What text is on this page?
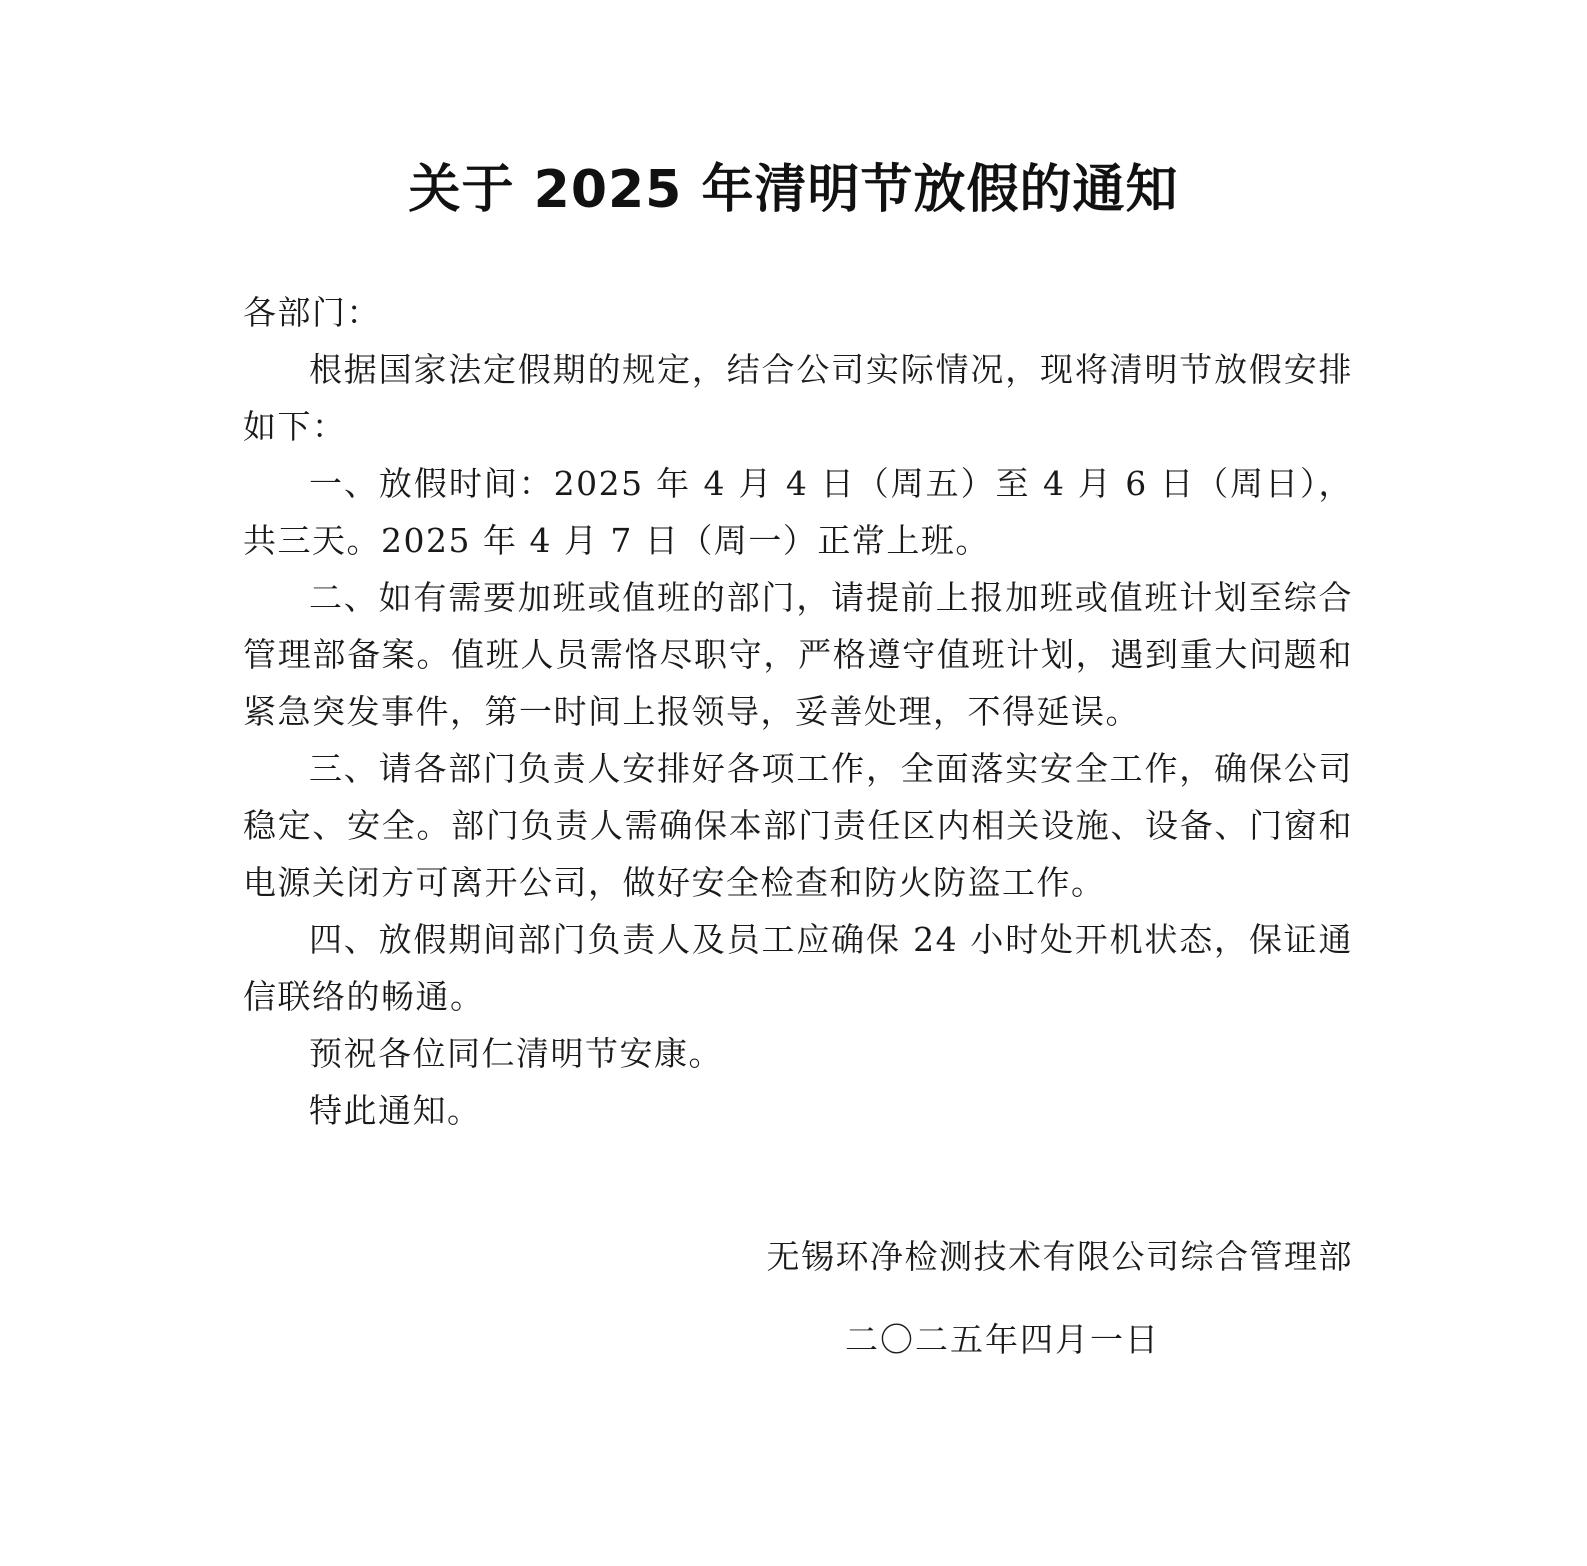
关于 2025 年清明节放假的通知

各部门：

根据国家法定假期的规定，结合公司实际情况，现将清明节放假安排如下：

一、放假时间：2025 年 4 月 4 日（周五）至 4 月 6 日（周日），共三天。2025 年 4 月 7 日（周一）正常上班。

二、如有需要加班或值班的部门，请提前上报加班或值班计划至综合管理部备案。值班人员需恪尽职守，严格遵守值班计划，遇到重大问题和紧急突发事件，第一时间上报领导，妥善处理，不得延误。

三、请各部门负责人安排好各项工作，全面落实安全工作，确保公司稳定、安全。部门负责人需确保本部门责任区内相关设施、设备、门窗和电源关闭方可离开公司，做好安全检查和防火防盗工作。

四、放假期间部门负责人及员工应确保 24 小时处开机状态，保证通信联络的畅通。

预祝各位同仁清明节安康。

特此通知。

无锡环净检测技术有限公司综合管理部
二〇二五年四月一日
